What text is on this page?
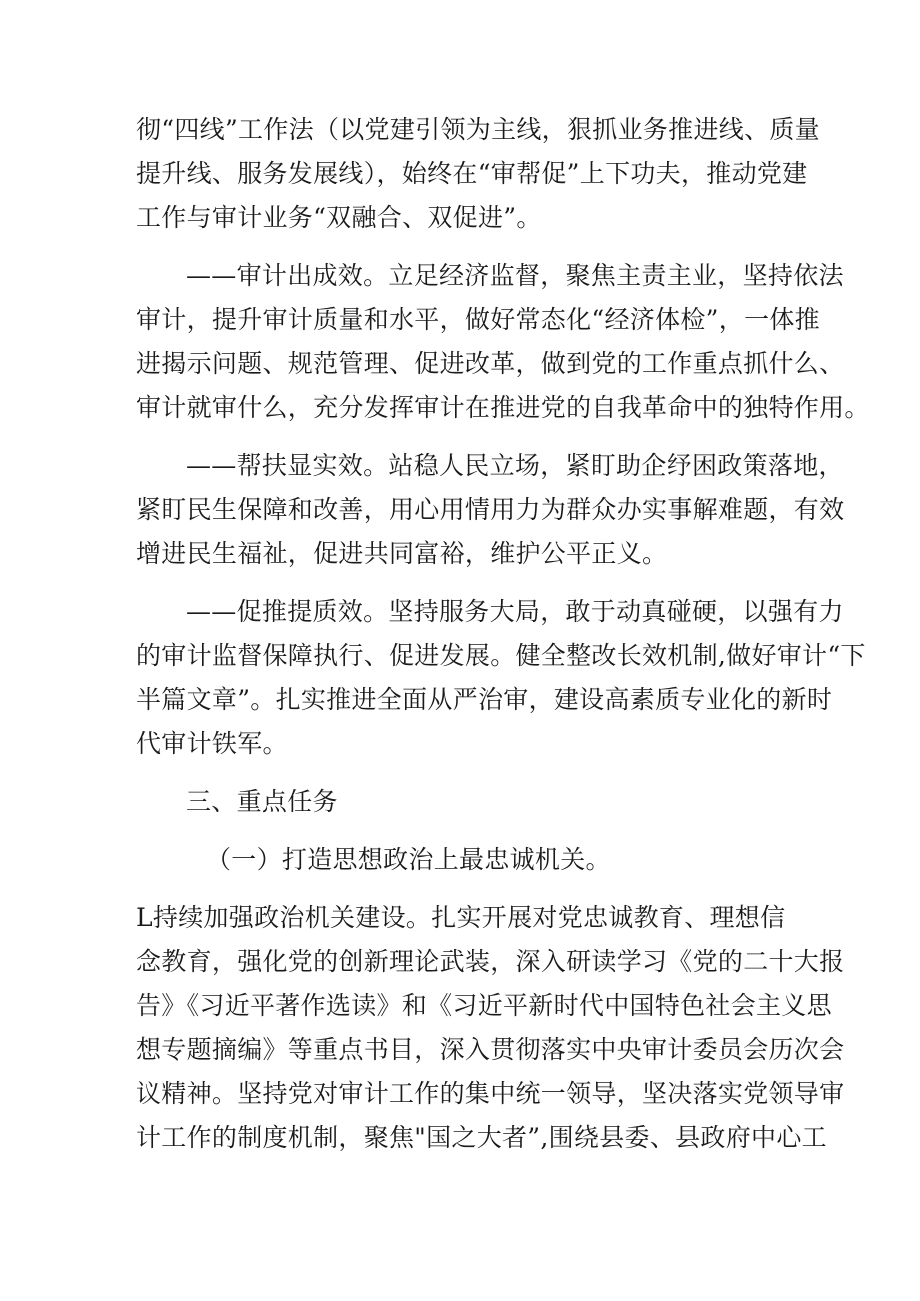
彻“四线”工作法（以党建引领为主线，狠抓业务推进线、质量
提升线、服务发展线），始终在“审帮促”上下功夫，推动党建
工作与审计业务“双融合、双促进”。
——审计出成效。立足经济监督，聚焦主责主业，坚持依法
审计，提升审计质量和水平，做好常态化“经济体检”，一体推
进揭示问题、规范管理、促进改革，做到党的工作重点抓什么、
审计就审什么，充分发挥审计在推进党的自我革命中的独特作用。
——帮扶显实效。站稳人民立场，紧盯助企纾困政策落地，
紧盯民生保障和改善，用心用情用力为群众办实事解难题，有效
增进民生福祉，促进共同富裕，维护公平正义。
——促推提质效。坚持服务大局，敢于动真碰硬，以强有力
的审计监督保障执行、促进发展。健全整改长效机制,做好审计“下
半篇文章”。扎实推进全面从严治审，建设高素质专业化的新时
代审计铁军。
三、重点任务
（一）打造思想政治上最忠诚机关。
L持续加强政治机关建设。扎实开展对党忠诚教育、理想信
念教育，强化党的创新理论武装，深入研读学习《党的二十大报
告》《习近平著作选读》和《习近平新时代中国特色社会主义思
想专题摘编》等重点书目，深入贯彻落实中央审计委员会历次会
议精神。坚持党对审计工作的集中统一领导，坚决落实党领导审
计工作的制度机制，聚焦"国之大者”,围绕县委、县政府中心工
